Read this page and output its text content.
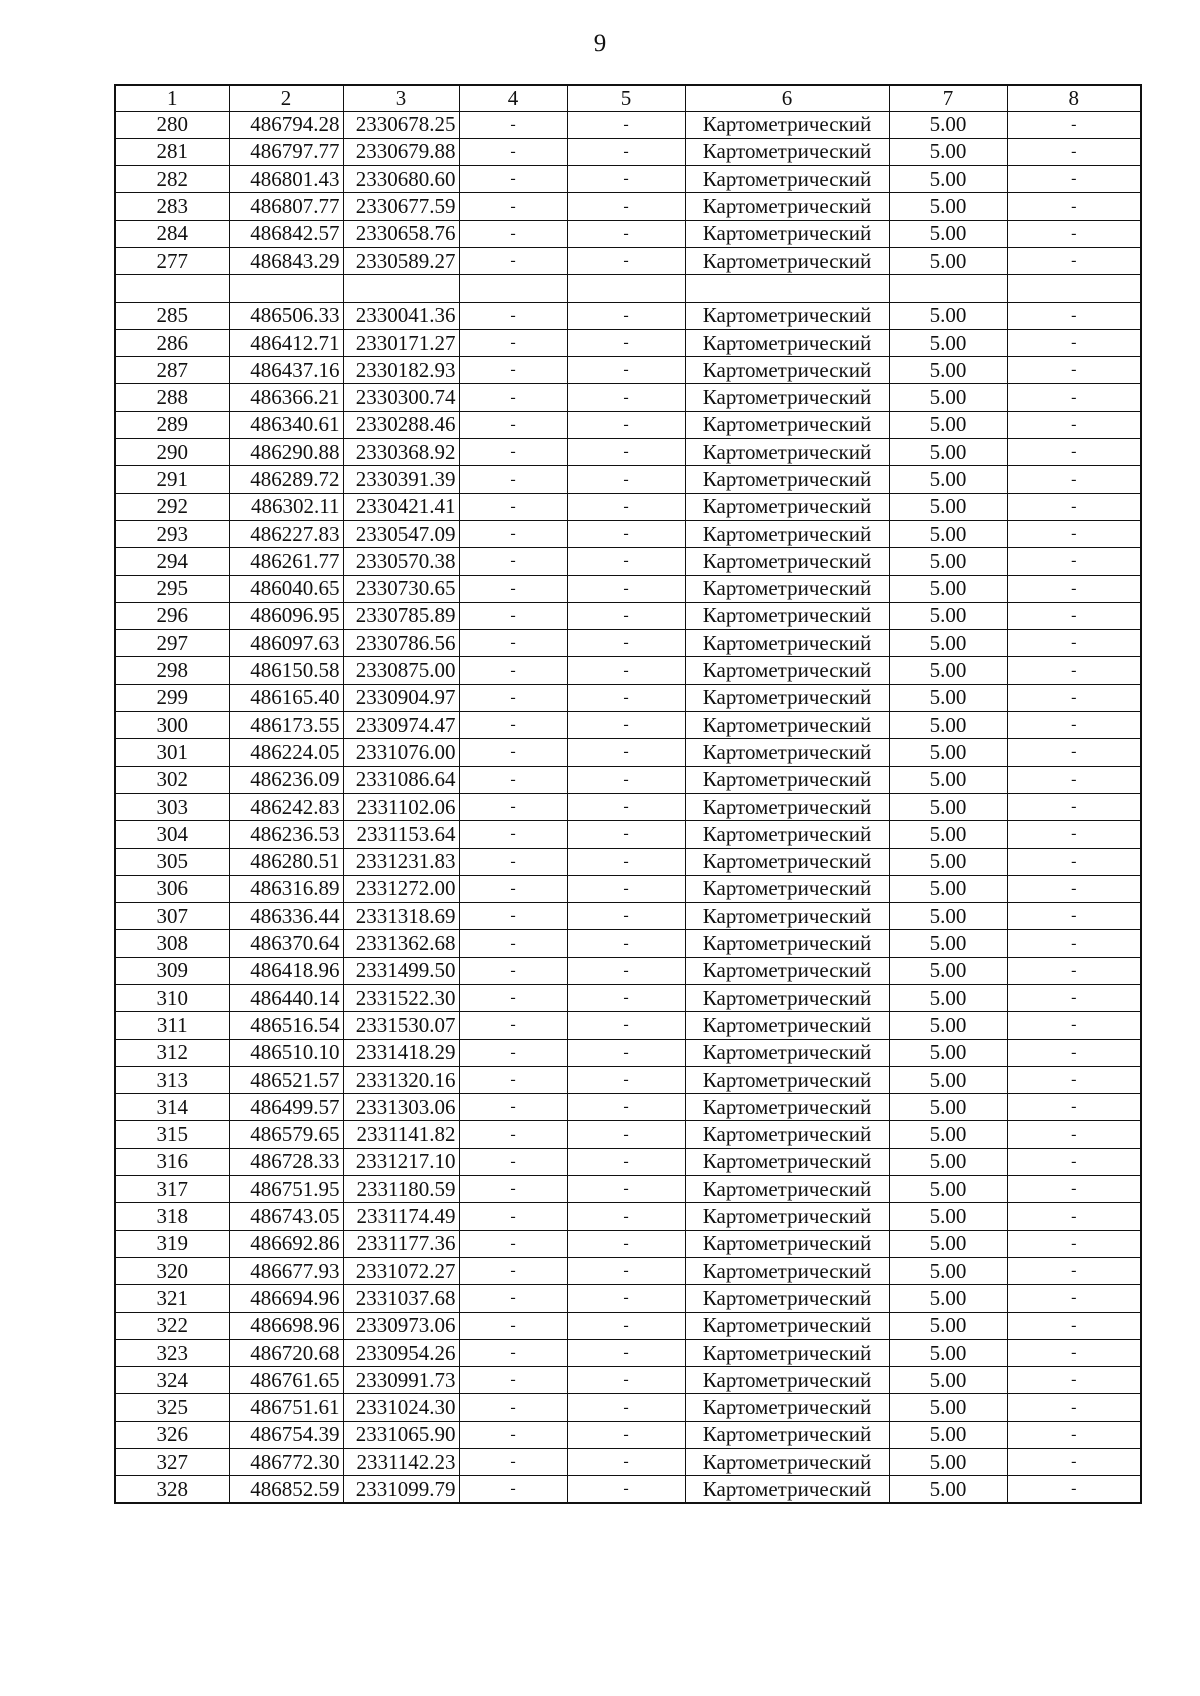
9
1	2	3	4	5	6	7	8
280	486794.28	2330678.25	-	-	Картометрический	5.00	-
281	486797.77	2330679.88	-	-	Картометрический	5.00	-
282	486801.43	2330680.60	-	-	Картометрический	5.00	-
283	486807.77	2330677.59	-	-	Картометрический	5.00	-
284	486842.57	2330658.76	-	-	Картометрический	5.00	-
277	486843.29	2330589.27	-	-	Картометрический	5.00	-

285	486506.33	2330041.36	-	-	Картометрический	5.00	-
286	486412.71	2330171.27	-	-	Картометрический	5.00	-
287	486437.16	2330182.93	-	-	Картометрический	5.00	-
288	486366.21	2330300.74	-	-	Картометрический	5.00	-
289	486340.61	2330288.46	-	-	Картометрический	5.00	-
290	486290.88	2330368.92	-	-	Картометрический	5.00	-
291	486289.72	2330391.39	-	-	Картометрический	5.00	-
292	486302.11	2330421.41	-	-	Картометрический	5.00	-
293	486227.83	2330547.09	-	-	Картометрический	5.00	-
294	486261.77	2330570.38	-	-	Картометрический	5.00	-
295	486040.65	2330730.65	-	-	Картометрический	5.00	-
296	486096.95	2330785.89	-	-	Картометрический	5.00	-
297	486097.63	2330786.56	-	-	Картометрический	5.00	-
298	486150.58	2330875.00	-	-	Картометрический	5.00	-
299	486165.40	2330904.97	-	-	Картометрический	5.00	-
300	486173.55	2330974.47	-	-	Картометрический	5.00	-
301	486224.05	2331076.00	-	-	Картометрический	5.00	-
302	486236.09	2331086.64	-	-	Картометрический	5.00	-
303	486242.83	2331102.06	-	-	Картометрический	5.00	-
304	486236.53	2331153.64	-	-	Картометрический	5.00	-
305	486280.51	2331231.83	-	-	Картометрический	5.00	-
306	486316.89	2331272.00	-	-	Картометрический	5.00	-
307	486336.44	2331318.69	-	-	Картометрический	5.00	-
308	486370.64	2331362.68	-	-	Картометрический	5.00	-
309	486418.96	2331499.50	-	-	Картометрический	5.00	-
310	486440.14	2331522.30	-	-	Картометрический	5.00	-
311	486516.54	2331530.07	-	-	Картометрический	5.00	-
312	486510.10	2331418.29	-	-	Картометрический	5.00	-
313	486521.57	2331320.16	-	-	Картометрический	5.00	-
314	486499.57	2331303.06	-	-	Картометрический	5.00	-
315	486579.65	2331141.82	-	-	Картометрический	5.00	-
316	486728.33	2331217.10	-	-	Картометрический	5.00	-
317	486751.95	2331180.59	-	-	Картометрический	5.00	-
318	486743.05	2331174.49	-	-	Картометрический	5.00	-
319	486692.86	2331177.36	-	-	Картометрический	5.00	-
320	486677.93	2331072.27	-	-	Картометрический	5.00	-
321	486694.96	2331037.68	-	-	Картометрический	5.00	-
322	486698.96	2330973.06	-	-	Картометрический	5.00	-
323	486720.68	2330954.26	-	-	Картометрический	5.00	-
324	486761.65	2330991.73	-	-	Картометрический	5.00	-
325	486751.61	2331024.30	-	-	Картометрический	5.00	-
326	486754.39	2331065.90	-	-	Картометрический	5.00	-
327	486772.30	2331142.23	-	-	Картометрический	5.00	-
328	486852.59	2331099.79	-	-	Картометрический	5.00	-
